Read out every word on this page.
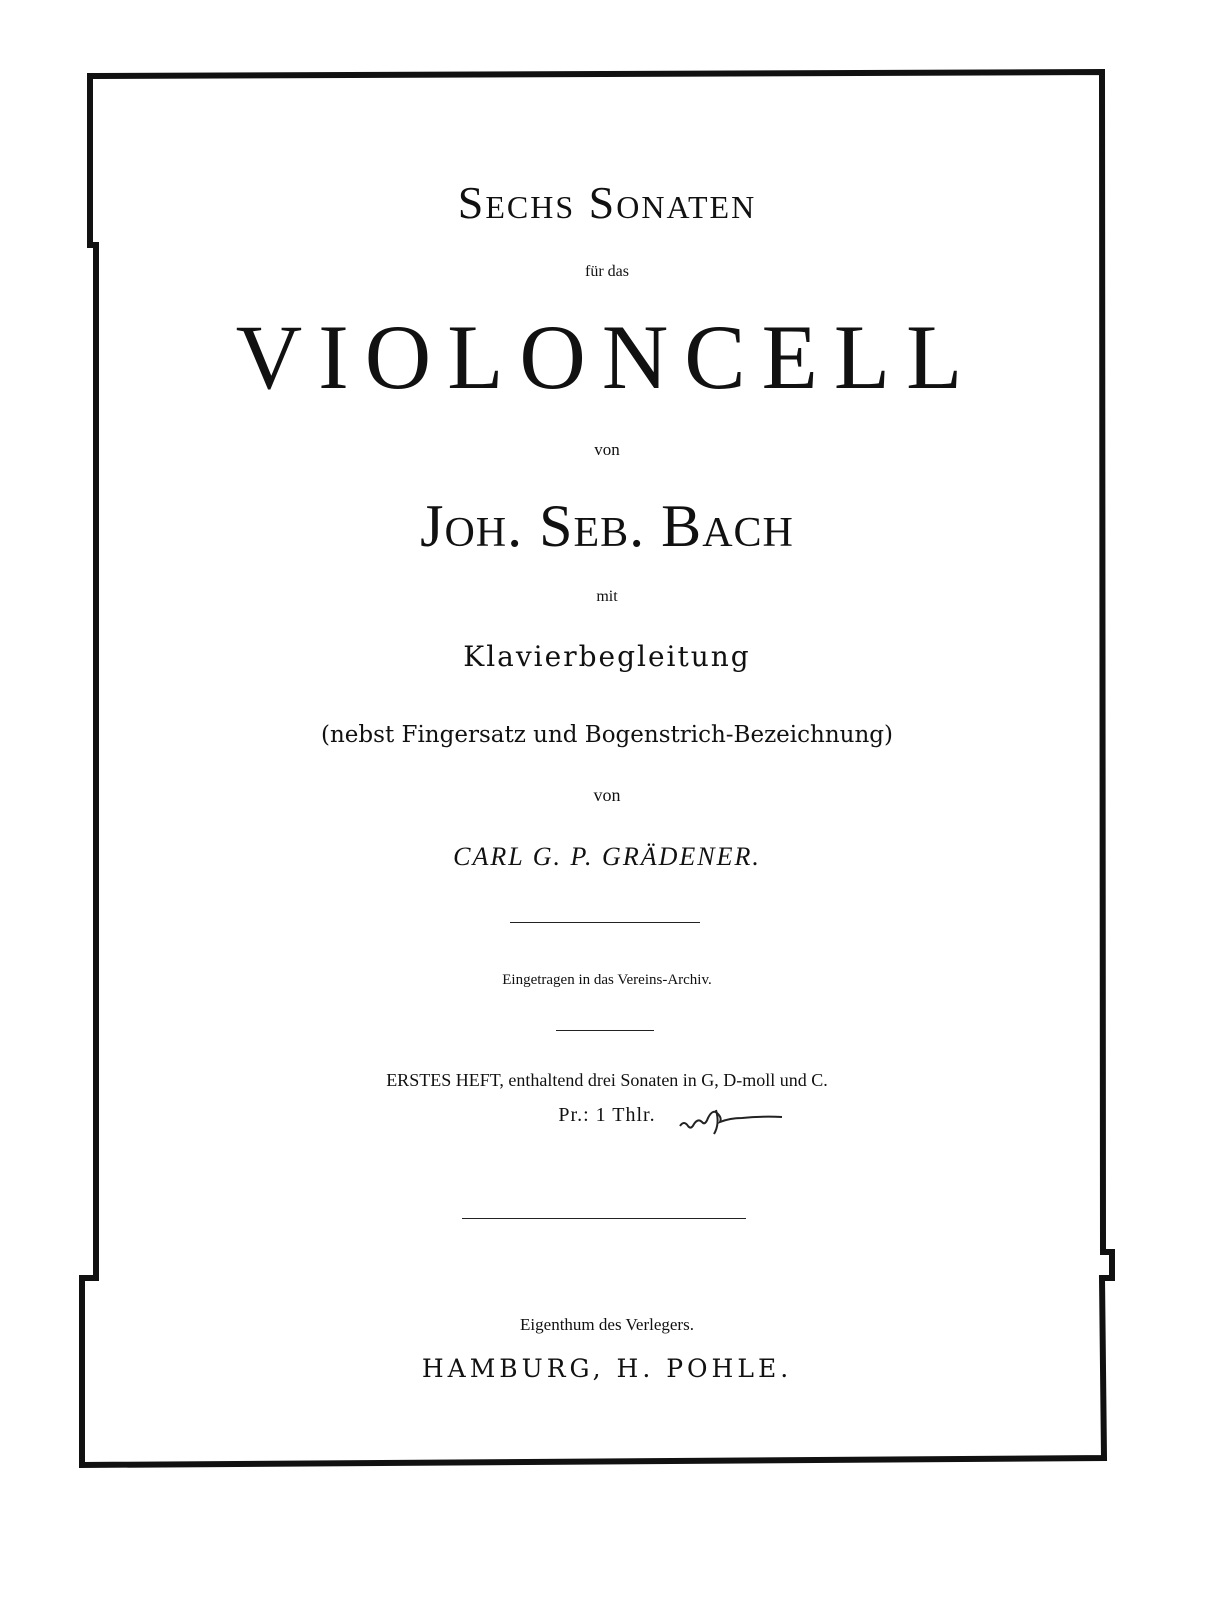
Sechs Sonaten
für das
VIOLONCELL
von
Joh. Seb. Bach
mit
Klavierbegleitung
(nebst Fingersatz und Bogenstrich-Bezeichnung)
von
CARL G. P. GRÄDENER.
Eingetragen in das Vereins-Archiv.
ERSTES HEFT, enthaltend drei Sonaten in G, D-moll und C.
Pr.: 1 Thlr.
Eigenthum des Verlegers.
HAMBURG, H. POHLE.
